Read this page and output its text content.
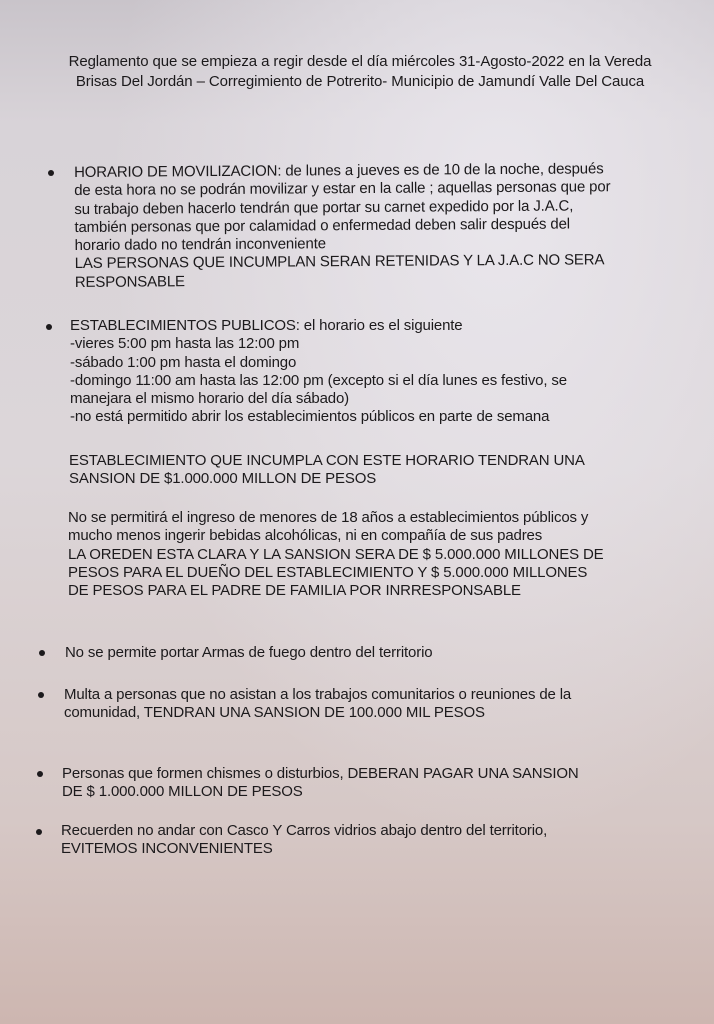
Reglamento que se empieza a regir desde el día miércoles 31-Agosto-2022 en la Vereda
Brisas Del Jordán – Corregimiento de Potrerito- Municipio de Jamundí Valle Del Cauca
HORARIO DE MOVILIZACION: de lunes a jueves es de 10 de la noche, después
de esta hora no se podrán movilizar y estar en la calle ; aquellas personas que por
su trabajo deben hacerlo tendrán que portar su carnet expedido por la J.A.C,
también personas que por calamidad o enfermedad deben salir después del
horario dado no tendrán inconveniente
LAS PERSONAS QUE INCUMPLAN SERAN RETENIDAS Y LA J.A.C NO SERA
RESPONSABLE
ESTABLECIMIENTOS PUBLICOS: el horario es el siguiente
-vieres 5:00 pm hasta las 12:00 pm
-sábado 1:00 pm hasta el domingo
-domingo 11:00 am hasta las 12:00 pm (excepto si el día lunes es festivo, se
manejara el mismo horario del día sábado)
-no está permitido abrir los establecimientos públicos en parte de semana
ESTABLECIMIENTO QUE INCUMPLA CON ESTE HORARIO TENDRAN UNA
SANSION DE $1.000.000 MILLON DE PESOS
No se permitirá el ingreso de menores de 18 años a establecimientos públicos y
mucho menos ingerir bebidas alcohólicas, ni en compañía de sus padres
LA OREDEN ESTA CLARA Y LA SANSION SERA DE $ 5.000.000 MILLONES DE
PESOS PARA EL DUEÑO DEL ESTABLECIMIENTO Y $ 5.000.000 MILLONES
DE PESOS PARA EL PADRE DE FAMILIA POR INRRESPONSABLE
No se permite portar Armas de fuego dentro del territorio
Multa a personas que no asistan a los trabajos comunitarios o reuniones de la
comunidad, TENDRAN UNA SANSION DE 100.000 MIL PESOS
Personas que formen chismes o disturbios, DEBERAN PAGAR UNA SANSION
DE $ 1.000.000 MILLON DE PESOS
Recuerden no andar con Casco Y Carros vidrios abajo dentro del territorio,
EVITEMOS INCONVENIENTES
